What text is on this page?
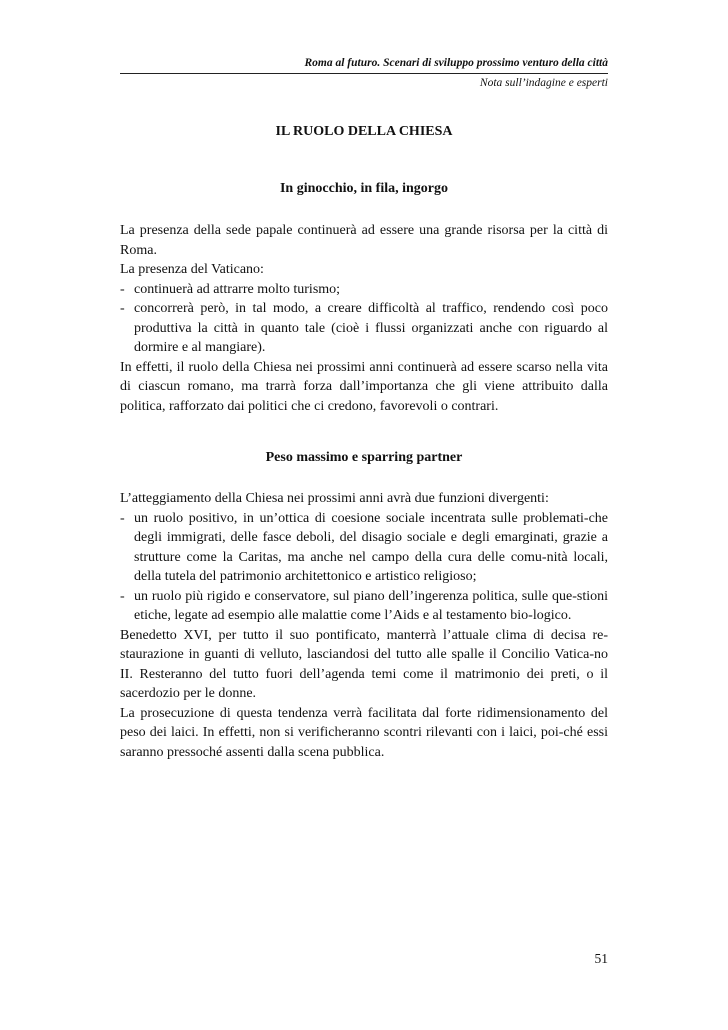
Roma al futuro. Scenari di sviluppo prossimo venturo della città
Nota sull’indagine e esperti
IL RUOLO DELLA CHIESA
In ginocchio, in fila, ingorgo

La presenza della sede papale continuerà ad essere una grande risorsa per la città di Roma.

La presenza del Vaticano:

- continuerà ad attrarre molto turismo;
- concorrerà però, in tal modo, a creare difficoltà al traffico, rendendo così poco produttiva la città in quanto tale (cioè i flussi organizzati anche con riguardo al dormire e al mangiare).

In effetti, il ruolo della Chiesa nei prossimi anni continuerà ad essere scarso nella vita di ciascun romano, ma trarrà forza dall’importanza che gli viene attribuito dalla politica, rafforzato dai politici che ci credono, favorevoli o contrari.

Peso massimo e sparring partner

L’atteggiamento della Chiesa nei prossimi anni avrà due funzioni divergenti:

- un ruolo positivo, in un’ottica di coesione sociale incentrata sulle problemati-che degli immigrati, delle fasce deboli, del disagio sociale e degli emarginati, grazie a strutture come la Caritas, ma anche nel campo della cura delle comu-nità locali, della tutela del patrimonio architettonico e artistico religioso;
- un ruolo più rigido e conservatore, sul piano dell’ingerenza politica, sulle que-stioni etiche, legate ad esempio alle malattie come l’Aids e al testamento bio-logico.

Benedetto XVI, per tutto il suo pontificato, manterrà l’attuale clima di decisa re-staurazione in guanti di velluto, lasciandosi del tutto alle spalle il Concilio Vatica-no II. Resteranno del tutto fuori dell’agenda temi come il matrimonio dei preti, o il sacerdozio per le donne.

La prosecuzione di questa tendenza verrà facilitata dal forte ridimensionamento del peso dei laici. In effetti, non si verificheranno scontri rilevanti con i laici, poi-ché essi saranno pressoché assenti dalla scena pubblica.

51
